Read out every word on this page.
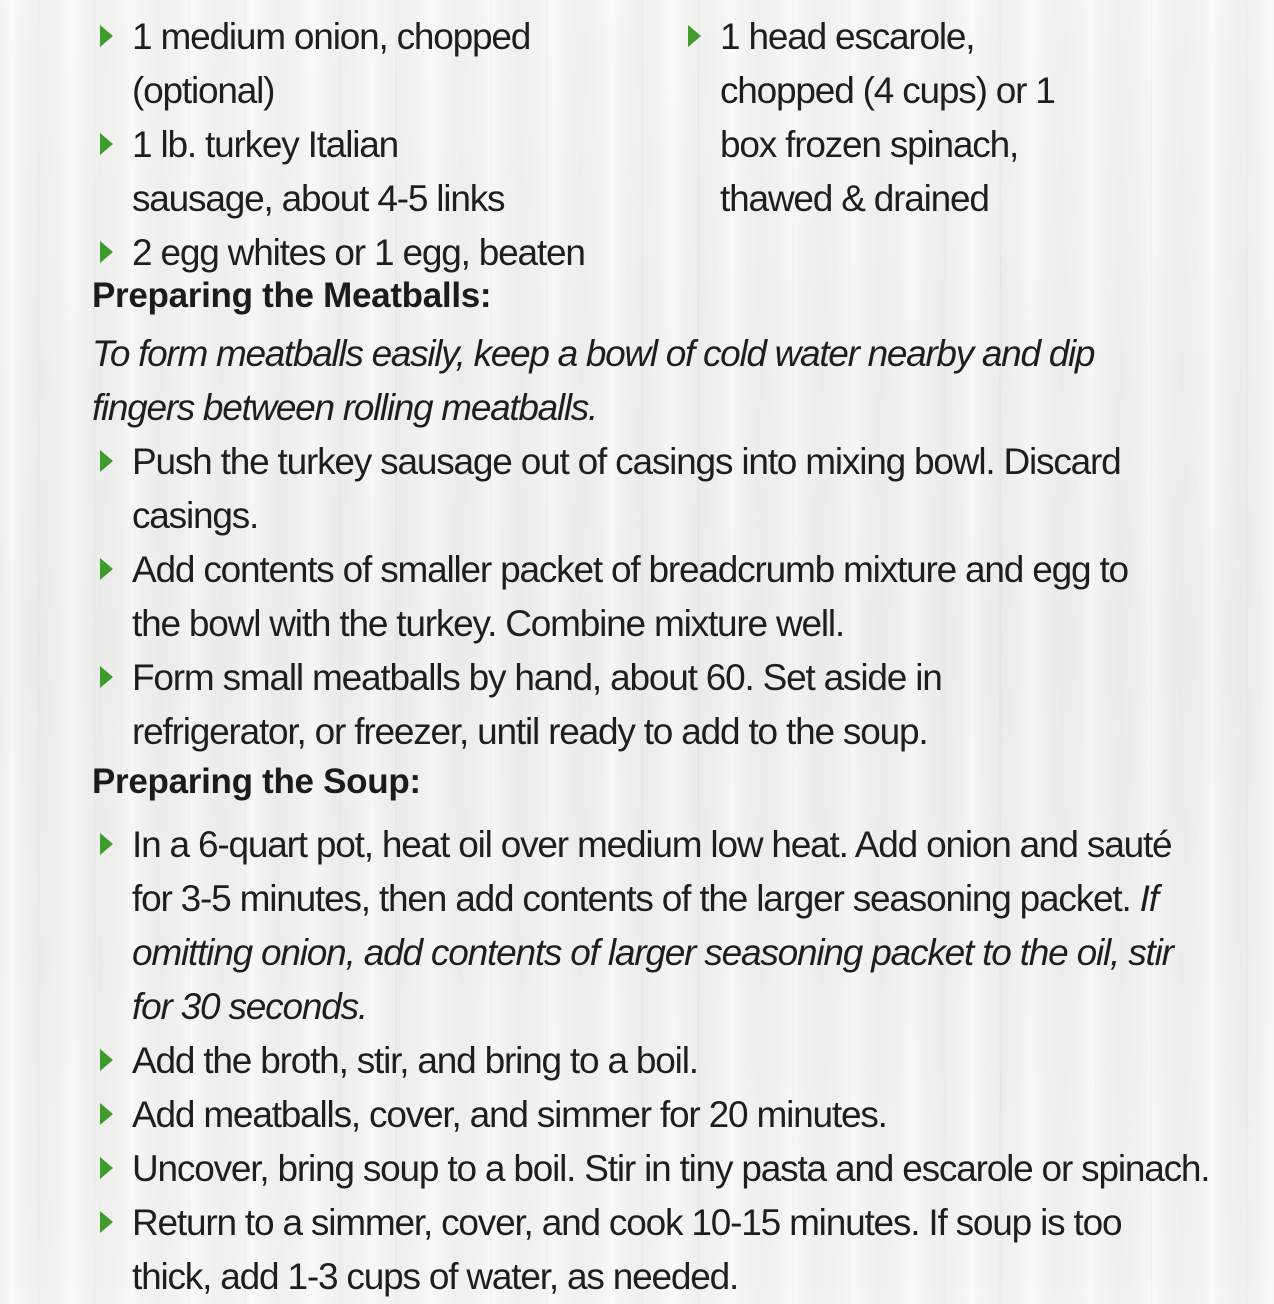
1 medium onion, chopped (optional)
1 lb. turkey Italian sausage, about 4-5 links
2 egg whites or 1 egg, beaten
1 head escarole, chopped (4 cups) or 1 box frozen spinach, thawed & drained
Preparing the Meatballs:

To form meatballs easily, keep a bowl of cold water nearby and dip fingers between rolling meatballs.

Push the turkey sausage out of casings into mixing bowl. Discard casings.
Add contents of smaller packet of breadcrumb mixture and egg to the bowl with the turkey. Combine mixture well.
Form small meatballs by hand, about 60. Set aside in refrigerator, or freezer, until ready to add to the soup.
Preparing the Soup:
In a 6-quart pot, heat oil over medium low heat. Add onion and sauté for 3-5 minutes, then add contents of the larger seasoning packet. If omitting onion, add contents of larger seasoning packet to the oil, stir for 30 seconds.
Add the broth, stir, and bring to a boil.
Add meatballs, cover, and simmer for 20 minutes.
Uncover, bring soup to a boil. Stir in tiny pasta and escarole or spinach.
Return to a simmer, cover, and cook 10-15 minutes. If soup is too thick, add 1-3 cups of water, as needed.
